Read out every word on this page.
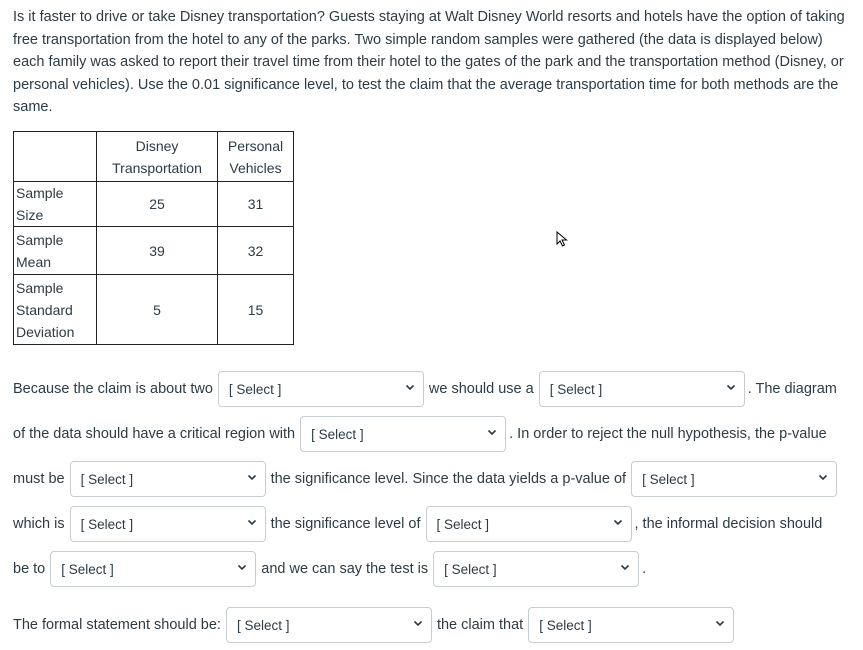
Is it faster to drive or take Disney transportation? Guests staying at Walt Disney World resorts and hotels have the option of taking free transportation from the hotel to any of the parks. Two simple random samples were gathered (the data is displayed below) each family was asked to report their travel time from their hotel to the gates of the park and the transportation method (Disney, or personal vehicles). Use the 0.01 significance level, to test the claim that the average transportation time for both methods are the same.
	Disney Transportation	Personal Vehicles
Sample Size	25	31
Sample Mean	39	32
Sample Standard Deviation	5	15
Because the claim is about two [ Select ]	we should use a [ Select ]	. The diagram
of the data should have a critical region with [ Select ]	. In order to reject the null hypothesis, the p-value
must be [ Select ]	the significance level. Since the data yields a p-value of [ Select ]
which is [ Select ]	the significance level of [ Select ]	, the informal decision should
be to [ Select ]	and we can say the test is [ Select ]	.
The formal statement should be: [ Select ]	the claim that [ Select ]
